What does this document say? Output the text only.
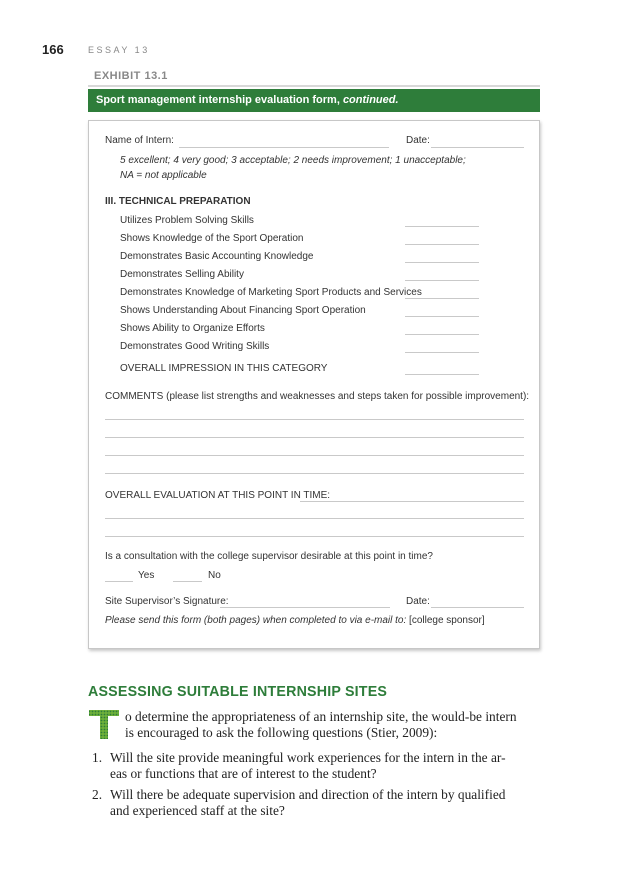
166	ESSAY 13
EXHIBIT 13.1
Sport management internship evaluation form, continued.
Name of Intern:	Date:
5 excellent; 4 very good; 3 acceptable; 2 needs improvement; 1 unacceptable;
NA = not applicable
III. TECHNICAL PREPARATION
Utilizes Problem Solving Skills
Shows Knowledge of the Sport Operation
Demonstrates Basic Accounting Knowledge
Demonstrates Selling Ability
Demonstrates Knowledge of Marketing Sport Products and Services
Shows Understanding About Financing Sport Operation
Shows Ability to Organize Efforts
Demonstrates Good Writing Skills
OVERALL IMPRESSION IN THIS CATEGORY
COMMENTS (please list strengths and weaknesses and steps taken for possible improvement):
OVERALL EVALUATION AT THIS POINT IN TIME:
Is a consultation with the college supervisor desirable at this point in time?
Yes	No
Site Supervisor’s Signature:	Date:
Please send this form (both pages) when completed to via e-mail to: [college sponsor]
ASSESSING SUITABLE INTERNSHIP SITES
o determine the appropriateness of an internship site, the would-be intern
is encouraged to ask the following questions (Stier, 2009):
1. Will the site provide meaningful work experiences for the intern in the ar-
eas or functions that are of interest to the student?
2. Will there be adequate supervision and direction of the intern by qualified
and experienced staff at the site?
